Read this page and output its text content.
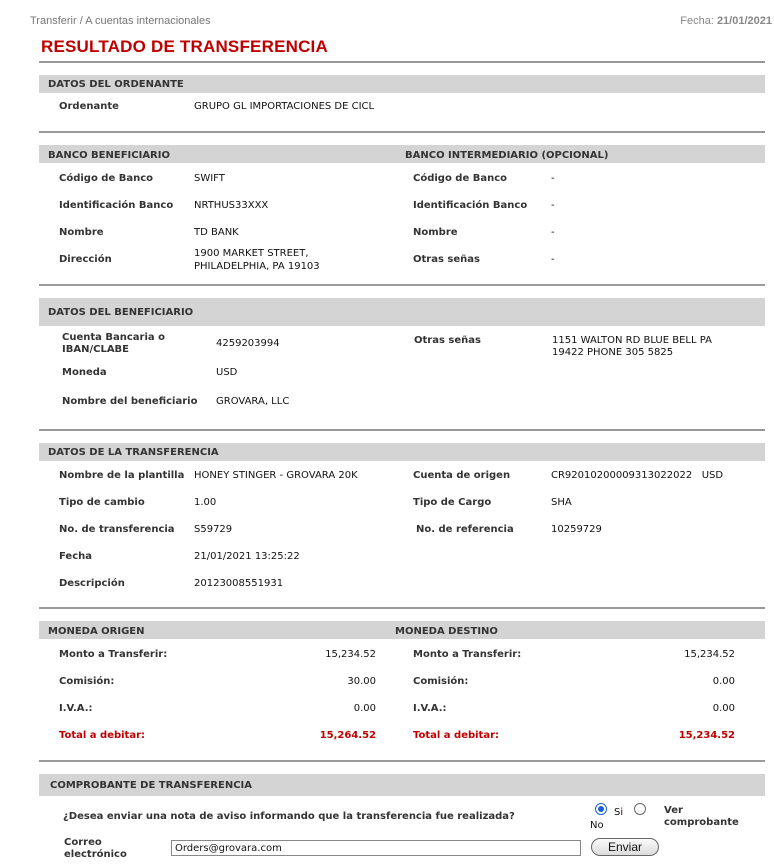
Transferir / A cuentas internacionales	Fecha: 21/01/2021
RESULTADO DE TRANSFERENCIA
DATOS DEL ORDENANTE
Ordenante	GRUPO GL IMPORTACIONES DE CICL
BANCO BENEFICIARIO	BANCO INTERMEDIARIO (OPCIONAL)
Código de Banco	SWIFT
Identificación Banco NRTHUS33XXX
Nombre	TD BANK
Dirección
1900 MARKET STREET,
PHILADELPHIA, PA 19103
Código de Banco	-
Identificación Banco -
Nombre	-
Otras señas	-
DATOS DEL BENEFICIARIO
Cuenta Bancaria o
IBAN/CLABE
4259203994
Moneda	USD
Nombre del beneficiario GROVARA, LLC
Otras señas	1151 WALTON RD BLUE BELL PA
19422 PHONE 305 5825
DATOS DE LA TRANSFERENCIA
Nombre de la plantilla HONEY STINGER - GROVARA 20K
Tipo de cambio	1.00
No. de transferencia S59729
Fecha	21/01/2021 13:25:22
Descripción	20123008551931
Cuenta de origen	CR92010200009313022022   USD
Tipo de Cargo	SHA
No. de referencia	10259729
MONEDA ORIGEN	MONEDA DESTINO
Monto a Transferir:	15,234.52
Comisión:	30.00
I.V.A.:	0.00
Total a debitar:	15,264.52
Monto a Transferir:	15,234.52
Comisión:	0.00
I.V.A.:	0.00
Total a debitar:	15,234.52
COMPROBANTE DE TRANSFERENCIA
¿Desea enviar una nota de aviso informando que la transferencia fue realizada?	Si
No
Ver
comprobante
Correo
electrónico
Orders@grovara.com
Enviar
